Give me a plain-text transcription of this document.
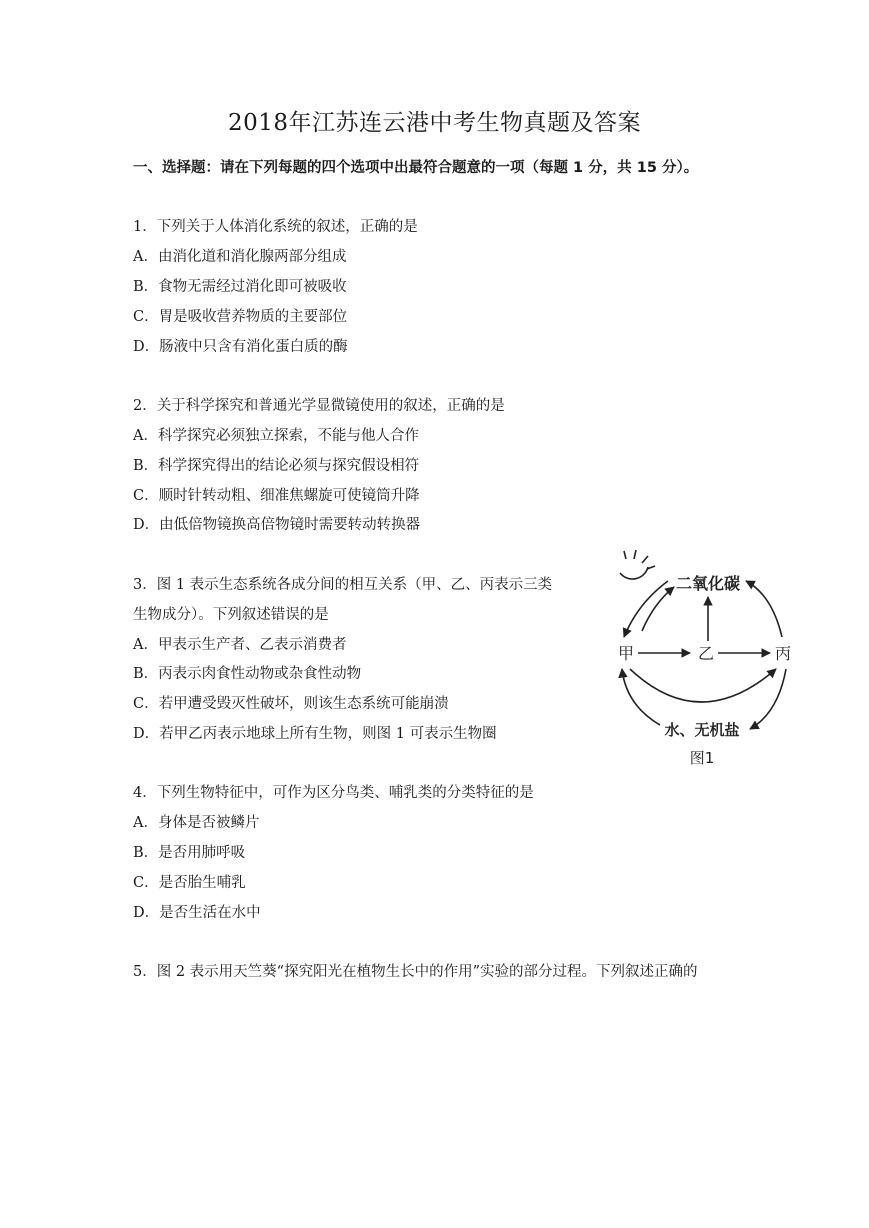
2018年江苏连云港中考生物真题及答案
一、选择题：请在下列每题的四个选项中出最符合题意的一项（每题 1 分，共 15 分）。
1．下列关于人体消化系统的叙述，正确的是
A．由消化道和消化腺两部分组成
B．食物无需经过消化即可被吸收
C．胃是吸收营养物质的主要部位
D．肠液中只含有消化蛋白质的酶
2．关于科学探究和普通光学显微镜使用的叙述，正确的是
A．科学探究必须独立探索，不能与他人合作
B．科学探究得出的结论必须与探究假设相符
C．顺时针转动粗、细准焦螺旋可使镜筒升降
D．由低倍物镜换高倍物镜时需要转动转换器
3．图 1 表示生态系统各成分间的相互关系（甲、乙、丙表示三类
生物成分）。下列叙述错误的是
A．甲表示生产者、乙表示消费者
B．丙表示肉食性动物或杂食性动物
C．若甲遭受毁灭性破坏，则该生态系统可能崩溃
D．若甲乙丙表示地球上所有生物，则图 1 可表示生物圈
4．下列生物特征中，可作为区分鸟类、哺乳类的分类特征的是
A．身体是否被鳞片
B．是否用肺呼吸
C．是否胎生哺乳
D．是否生活在水中
5．图 2 表示用天竺葵“探究阳光在植物生长中的作用”实验的部分过程。下列叙述正确的
二氧化碳
甲	乙	丙
水、无机盐
图1
